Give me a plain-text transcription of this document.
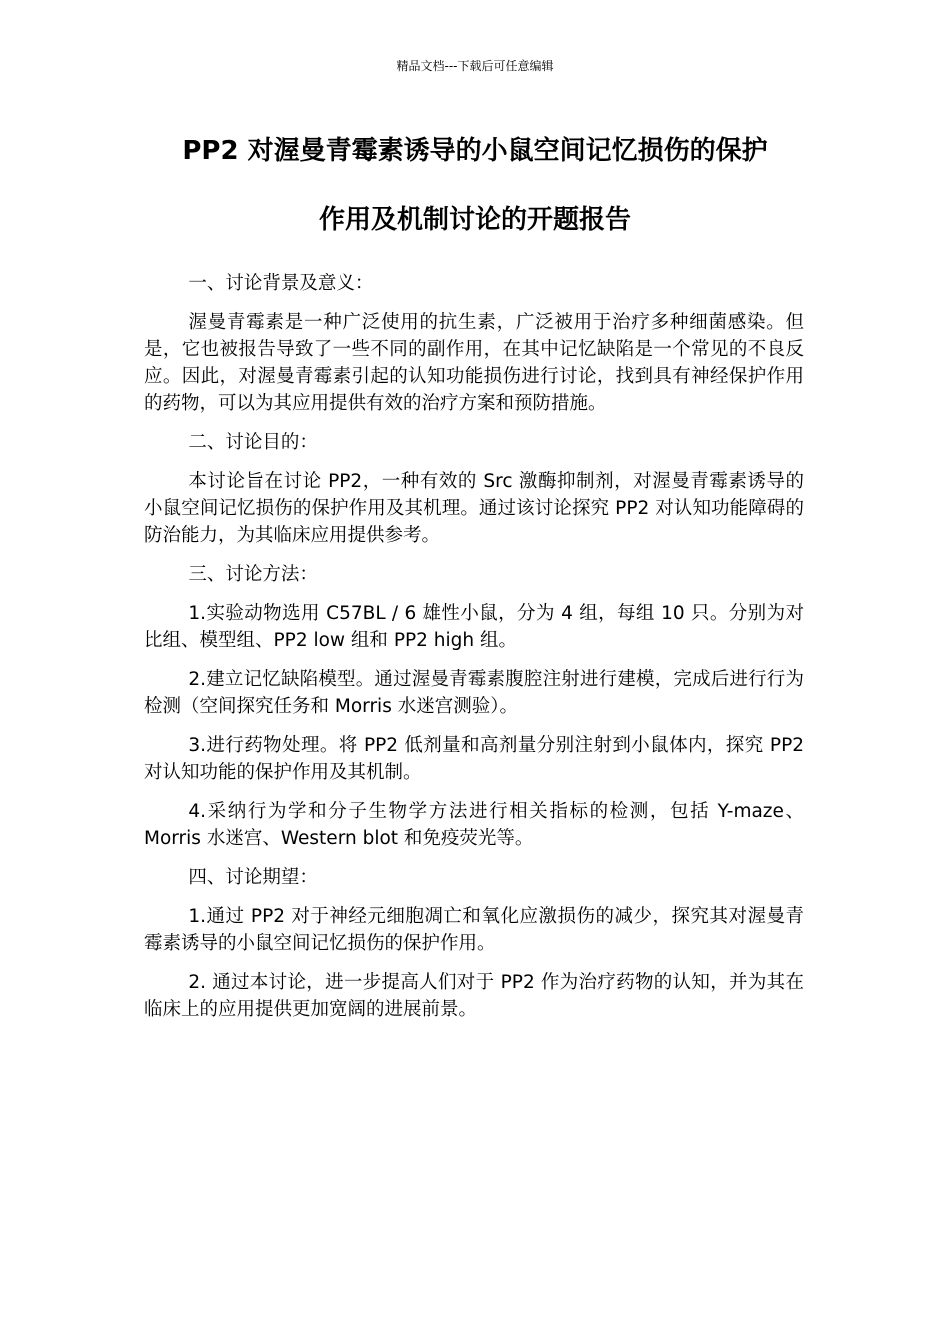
精品文档---下载后可任意编辑
PP2 对渥曼青霉素诱导的小鼠空间记忆损伤的保护
作用及机制讨论的开题报告

一、讨论背景及意义：

渥曼青霉素是一种广泛使用的抗生素，广泛被用于治疗多种细菌感染。但是，它也被报告导致了一些不同的副作用，在其中记忆缺陷是一个常见的不良反应。因此，对渥曼青霉素引起的认知功能损伤进行讨论，找到具有神经保护作用的药物，可以为其应用提供有效的治疗方案和预防措施。

二、讨论目的：

本讨论旨在讨论 PP2，一种有效的 Src 激酶抑制剂，对渥曼青霉素诱导的小鼠空间记忆损伤的保护作用及其机理。通过该讨论探究 PP2 对认知功能障碍的防治能力，为其临床应用提供参考。

三、讨论方法：

1.实验动物选用 C57BL / 6 雄性小鼠，分为 4 组，每组 10 只。分别为对比组、模型组、PP2 low 组和 PP2 high 组。

2.建立记忆缺陷模型。通过渥曼青霉素腹腔注射进行建模，完成后进行行为检测（空间探究任务和 Morris 水迷宫测验）。

3.进行药物处理。将 PP2 低剂量和高剂量分别注射到小鼠体内，探究 PP2 对认知功能的保护作用及其机制。

4.采纳行为学和分子生物学方法进行相关指标的检测，包括 Y-maze、Morris 水迷宫、Western blot 和免疫荧光等。

四、讨论期望：

1.通过 PP2 对于神经元细胞凋亡和氧化应激损伤的减少，探究其对渥曼青霉素诱导的小鼠空间记忆损伤的保护作用。

2. 通过本讨论，进一步提高人们对于 PP2 作为治疗药物的认知，并为其在临床上的应用提供更加宽阔的进展前景。
